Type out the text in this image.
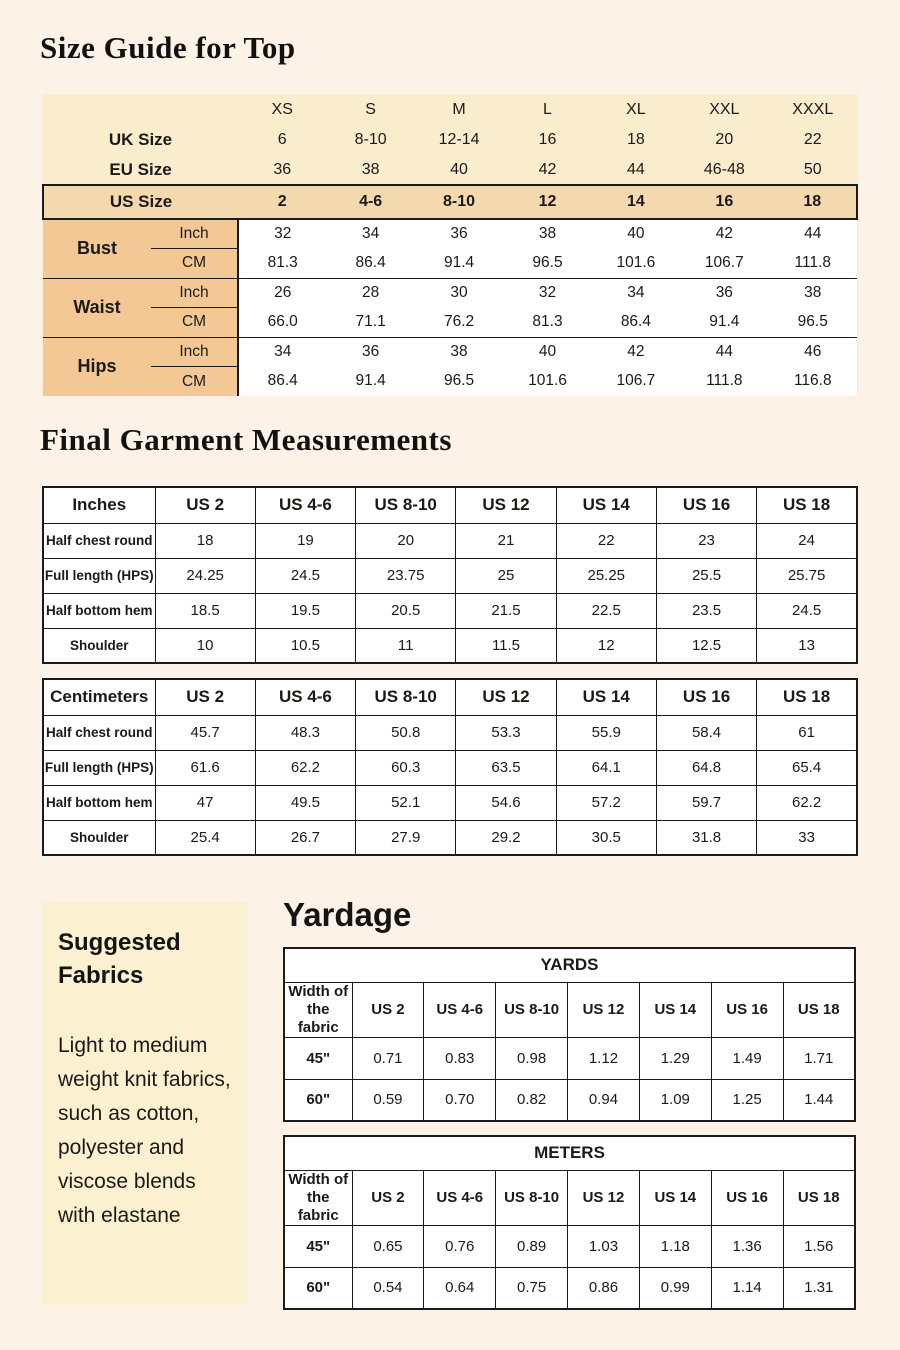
Size Guide for Top
		XS	S	M	L	XL	XXL	XXXL
UK Size		6	8-10	12-14	16	18	20	22
EU Size		36	38	40	42	44	46-48	50
US Size		2	4-6	8-10	12	14	16	18
Bust	Inch	32	34	36	38	40	42	44
	CM	81.3	86.4	91.4	96.5	101.6	106.7	111.8
Waist	Inch	26	28	30	32	34	36	38
	CM	66.0	71.1	76.2	81.3	86.4	91.4	96.5
Hips	Inch	34	36	38	40	42	44	46
	CM	86.4	91.4	96.5	101.6	106.7	111.8	116.8
Final Garment Measurements
Inches	US 2	US 4-6	US 8-10	US 12	US 14	US 16	US 18
Half chest round	18	19	20	21	22	23	24
Full length (HPS)	24.25	24.5	23.75	25	25.25	25.5	25.75
Half bottom hem	18.5	19.5	20.5	21.5	22.5	23.5	24.5
Shoulder	10	10.5	11	11.5	12	12.5	13
Centimeters	US 2	US 4-6	US 8-10	US 12	US 14	US 16	US 18
Half chest round	45.7	48.3	50.8	53.3	55.9	58.4	61
Full length (HPS)	61.6	62.2	60.3	63.5	64.1	64.8	65.4
Half bottom hem	47	49.5	52.1	54.6	57.2	59.7	62.2
Shoulder	25.4	26.7	27.9	29.2	30.5	31.8	33
Suggested Fabrics

Light to medium weight knit fabrics, such as cotton, polyester and viscose blends with elastane

Yardage
YARDS							
Width of the fabric	US 2	US 4-6	US 8-10	US 12	US 14	US 16	US 18
45"	0.71	0.83	0.98	1.12	1.29	1.49	1.71
60"	0.59	0.70	0.82	0.94	1.09	1.25	1.44
METERS							
Width of the fabric	US 2	US 4-6	US 8-10	US 12	US 14	US 16	US 18
45"	0.65	0.76	0.89	1.03	1.18	1.36	1.56
60"	0.54	0.64	0.75	0.86	0.99	1.14	1.31
